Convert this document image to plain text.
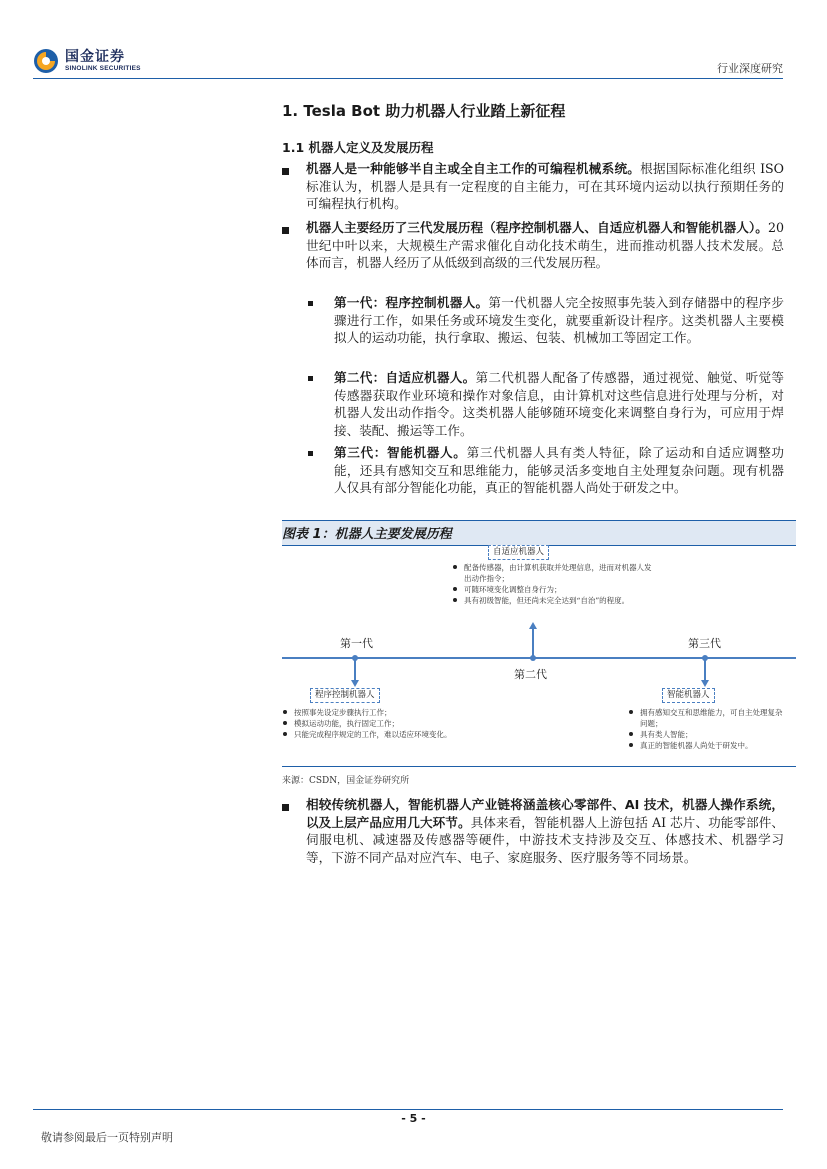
国金证券
SINOLINK SECURITIES	行业深度研究
1. Tesla Bot 助力机器人行业踏上新征程
1.1 机器人定义及发展历程
机器人是一种能够半自主或全自主工作的可编程机械系统。根据国际标准化组织 ISO 标准认为，机器人是具有一定程度的自主能力，可在其环境内运动以执行预期任务的可编程执行机构。
机器人主要经历了三代发展历程（程序控制机器人、自适应机器人和智能机器人）。20 世纪中叶以来，大规模生产需求催化自动化技术萌生，进而推动机器人技术发展。总体而言，机器人经历了从低级到高级的三代发展历程。
第一代：程序控制机器人。第一代机器人完全按照事先装入到存储器中的程序步骤进行工作，如果任务或环境发生变化，就要重新设计程序。这类机器人主要模拟人的运动功能，执行拿取、搬运、包装、机械加工等固定工作。
第二代：自适应机器人。第二代机器人配备了传感器，通过视觉、触觉、听觉等传感器获取作业环境和操作对象信息，由计算机对这些信息进行处理与分析，对机器人发出动作指令。这类机器人能够随环境变化来调整自身行为，可应用于焊接、装配、搬运等工作。
第三代：智能机器人。第三代机器人具有类人特征，除了运动和自适应调整功能，还具有感知交互和思维能力，能够灵活多变地自主处理复杂问题。现有机器人仅具有部分智能化功能，真正的智能机器人尚处于研发之中。
图表 1：机器人主要发展历程
自适应机器人
配备传感器，由计算机获取并处理信息，进而对机器人发出动作指令；
可随环境变化调整自身行为；
具有初级智能，但还尚未完全达到“自治”的程度。
第一代	第三代
第二代
程序控制机器人
按照事先设定步骤执行工作；
模拟运动功能，执行固定工作；
只能完成程序规定的工作，难以适应环境变化。
智能机器人
拥有感知交互和思维能力，可自主处理复杂问题；
具有类人智能；
真正的智能机器人尚处于研发中。
来源：CSDN，国金证券研究所
相较传统机器人，智能机器人产业链将涵盖核心零部件、AI 技术，机器人操作系统，以及上层产品应用几大环节。具体来看，智能机器人上游包括 AI 芯片、功能零部件、伺服电机、减速器及传感器等硬件，中游技术支持涉及交互、体感技术、机器学习等，下游不同产品对应汽车、电子、家庭服务、医疗服务等不同场景。
- 5 -
敬请参阅最后一页特别声明
